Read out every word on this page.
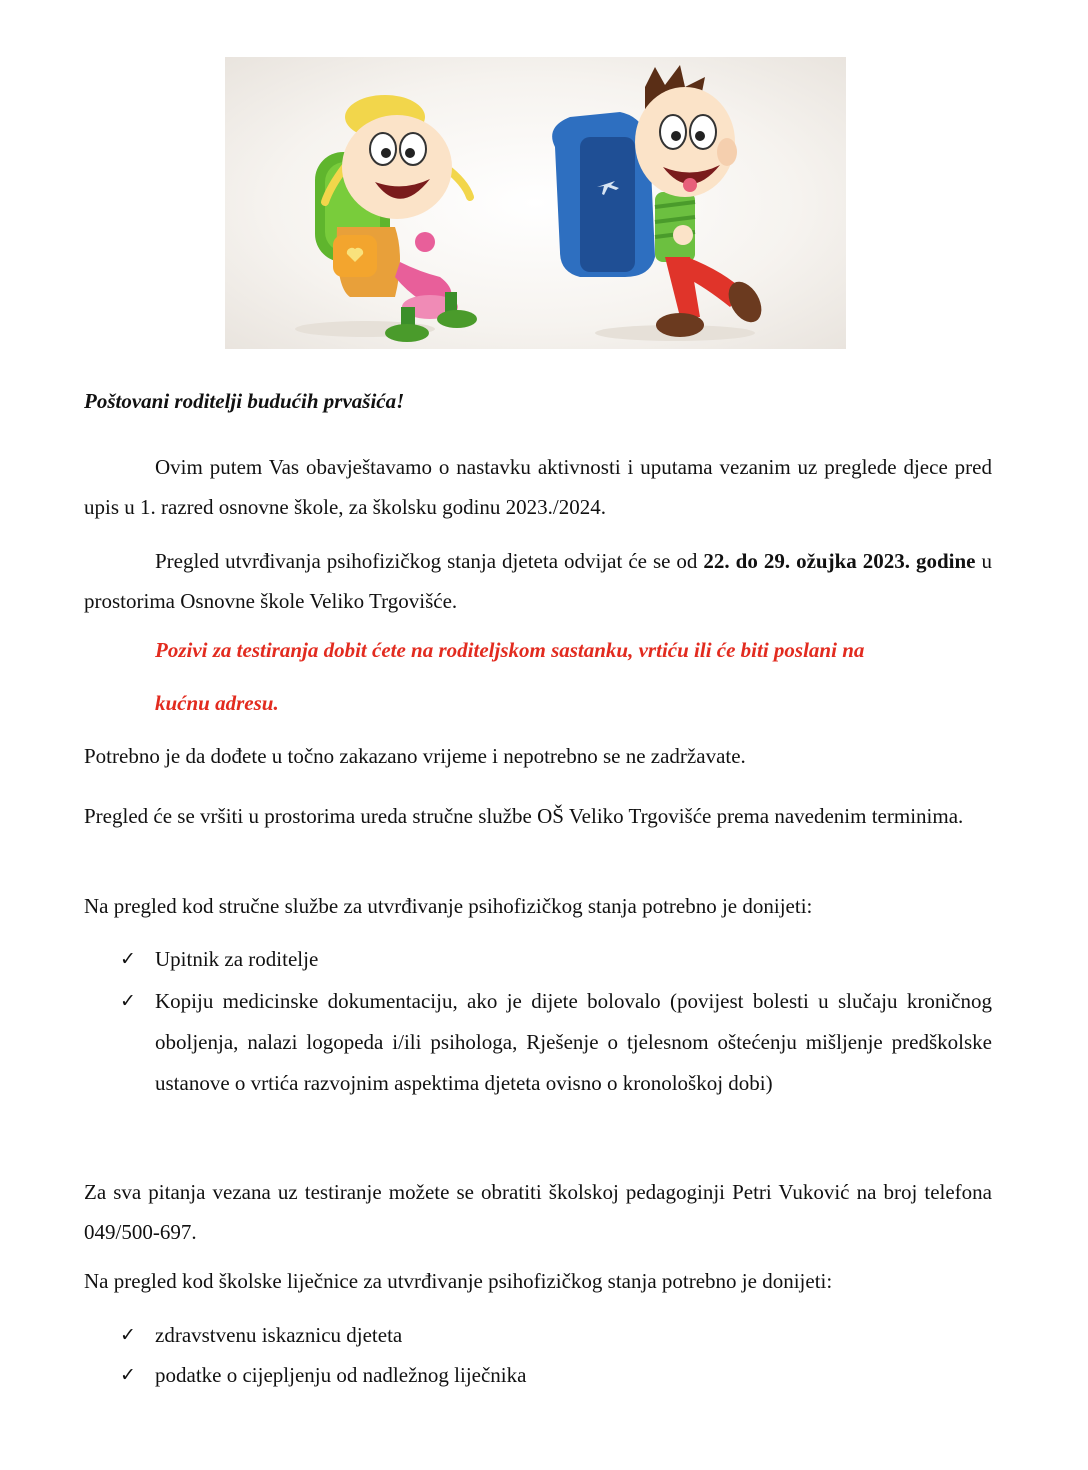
Poštovani roditelji budućih prvašića!

Ovim putem Vas obavještavamo o nastavku aktivnosti i uputama vezanim uz preglede djece pred upis u 1. razred osnovne škole, za školsku godinu 2023./2024.

Pregled utvrđivanja psihofizičkog stanja djeteta odvijat će se od 22. do 29. ožujka 2023. godine u prostorima Osnovne škole Veliko Trgovišće.

Pozivi za testiranja dobit ćete na roditeljskom sastanku, vrtiću ili će biti poslani na

kućnu adresu.

Potrebno je da dođete u točno zakazano vrijeme i nepotrebno se ne zadržavate.

Pregled će se vršiti u prostorima ureda stručne službe OŠ Veliko Trgovišće prema navedenim terminima.

Na pregled kod stručne službe za utvrđivanje psihofizičkog stanja potrebno je donijeti:

✓ Upitnik za roditelje
✓ Kopiju medicinske dokumentaciju, ako je dijete bolovalo (povijest bolesti u slučaju kroničnog oboljenja, nalazi logopeda i/ili psihologa, Rješenje o tjelesnom oštećenju mišljenje predškolske ustanove o vrtića razvojnim aspektima djeteta ovisno o kronološkoj dobi)

Za sva pitanja vezana uz testiranje možete se obratiti školskoj pedagoginji Petri Vuković na broj telefona 049/500-697.

Na pregled kod školske liječnice za utvrđivanje psihofizičkog stanja potrebno je donijeti:

✓ zdravstvenu iskaznicu djeteta
✓ podatke o cijepljenju od nadležnog liječnika
